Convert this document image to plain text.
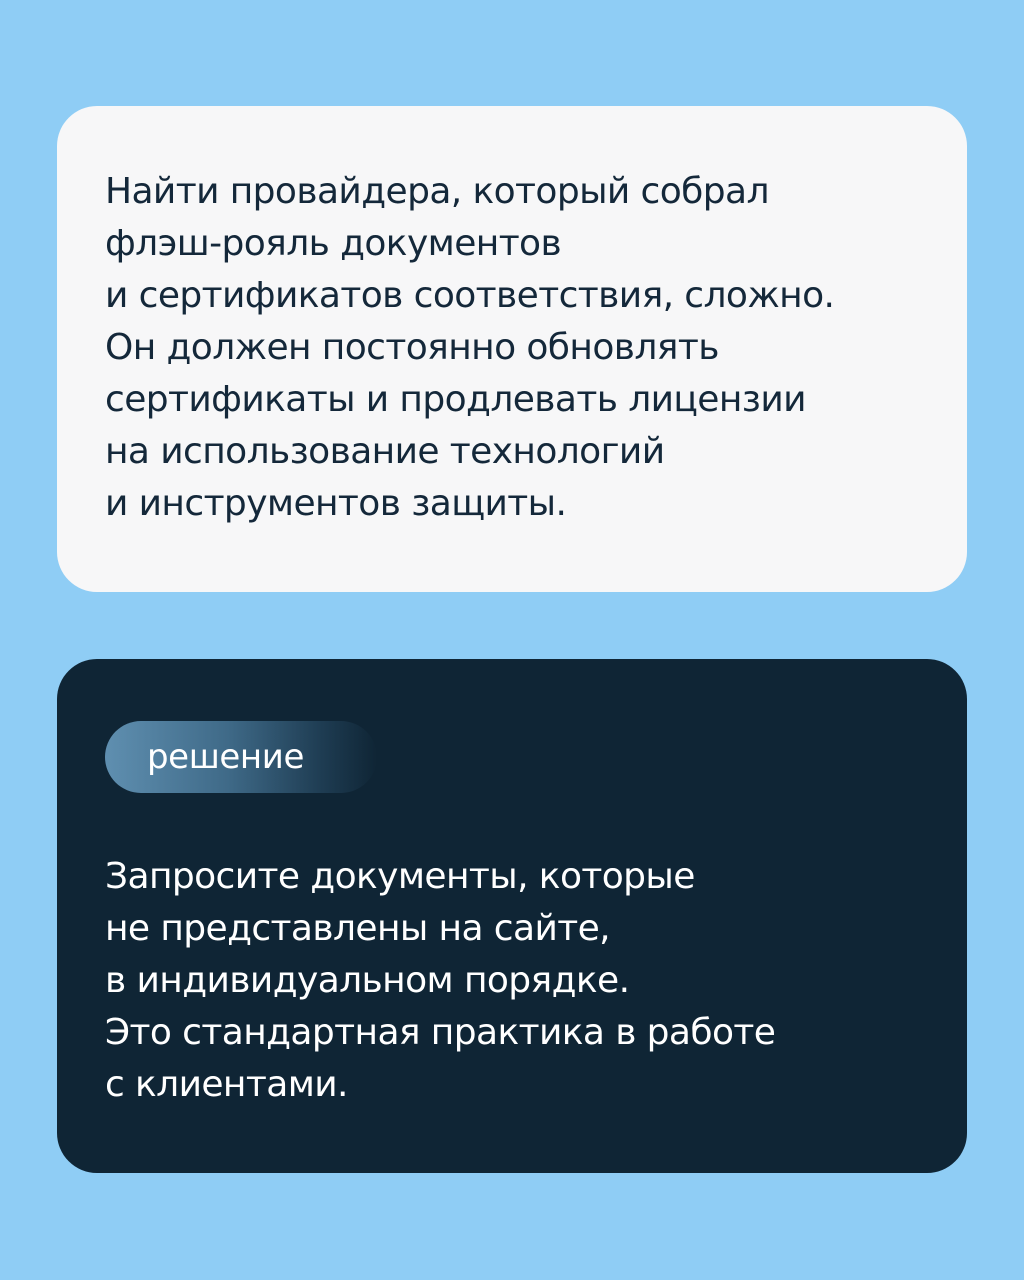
Найти провайдера, который собрал
флэш-рояль документов
и сертификатов соответствия, сложно.
Он должен постоянно обновлять
сертификаты и продлевать лицензии
на использование технологий
и инструментов защиты.
решение
Запросите документы, которые
не представлены на сайте,
в индивидуальном порядке.
Это стандартная практика в работе
с клиентами.
